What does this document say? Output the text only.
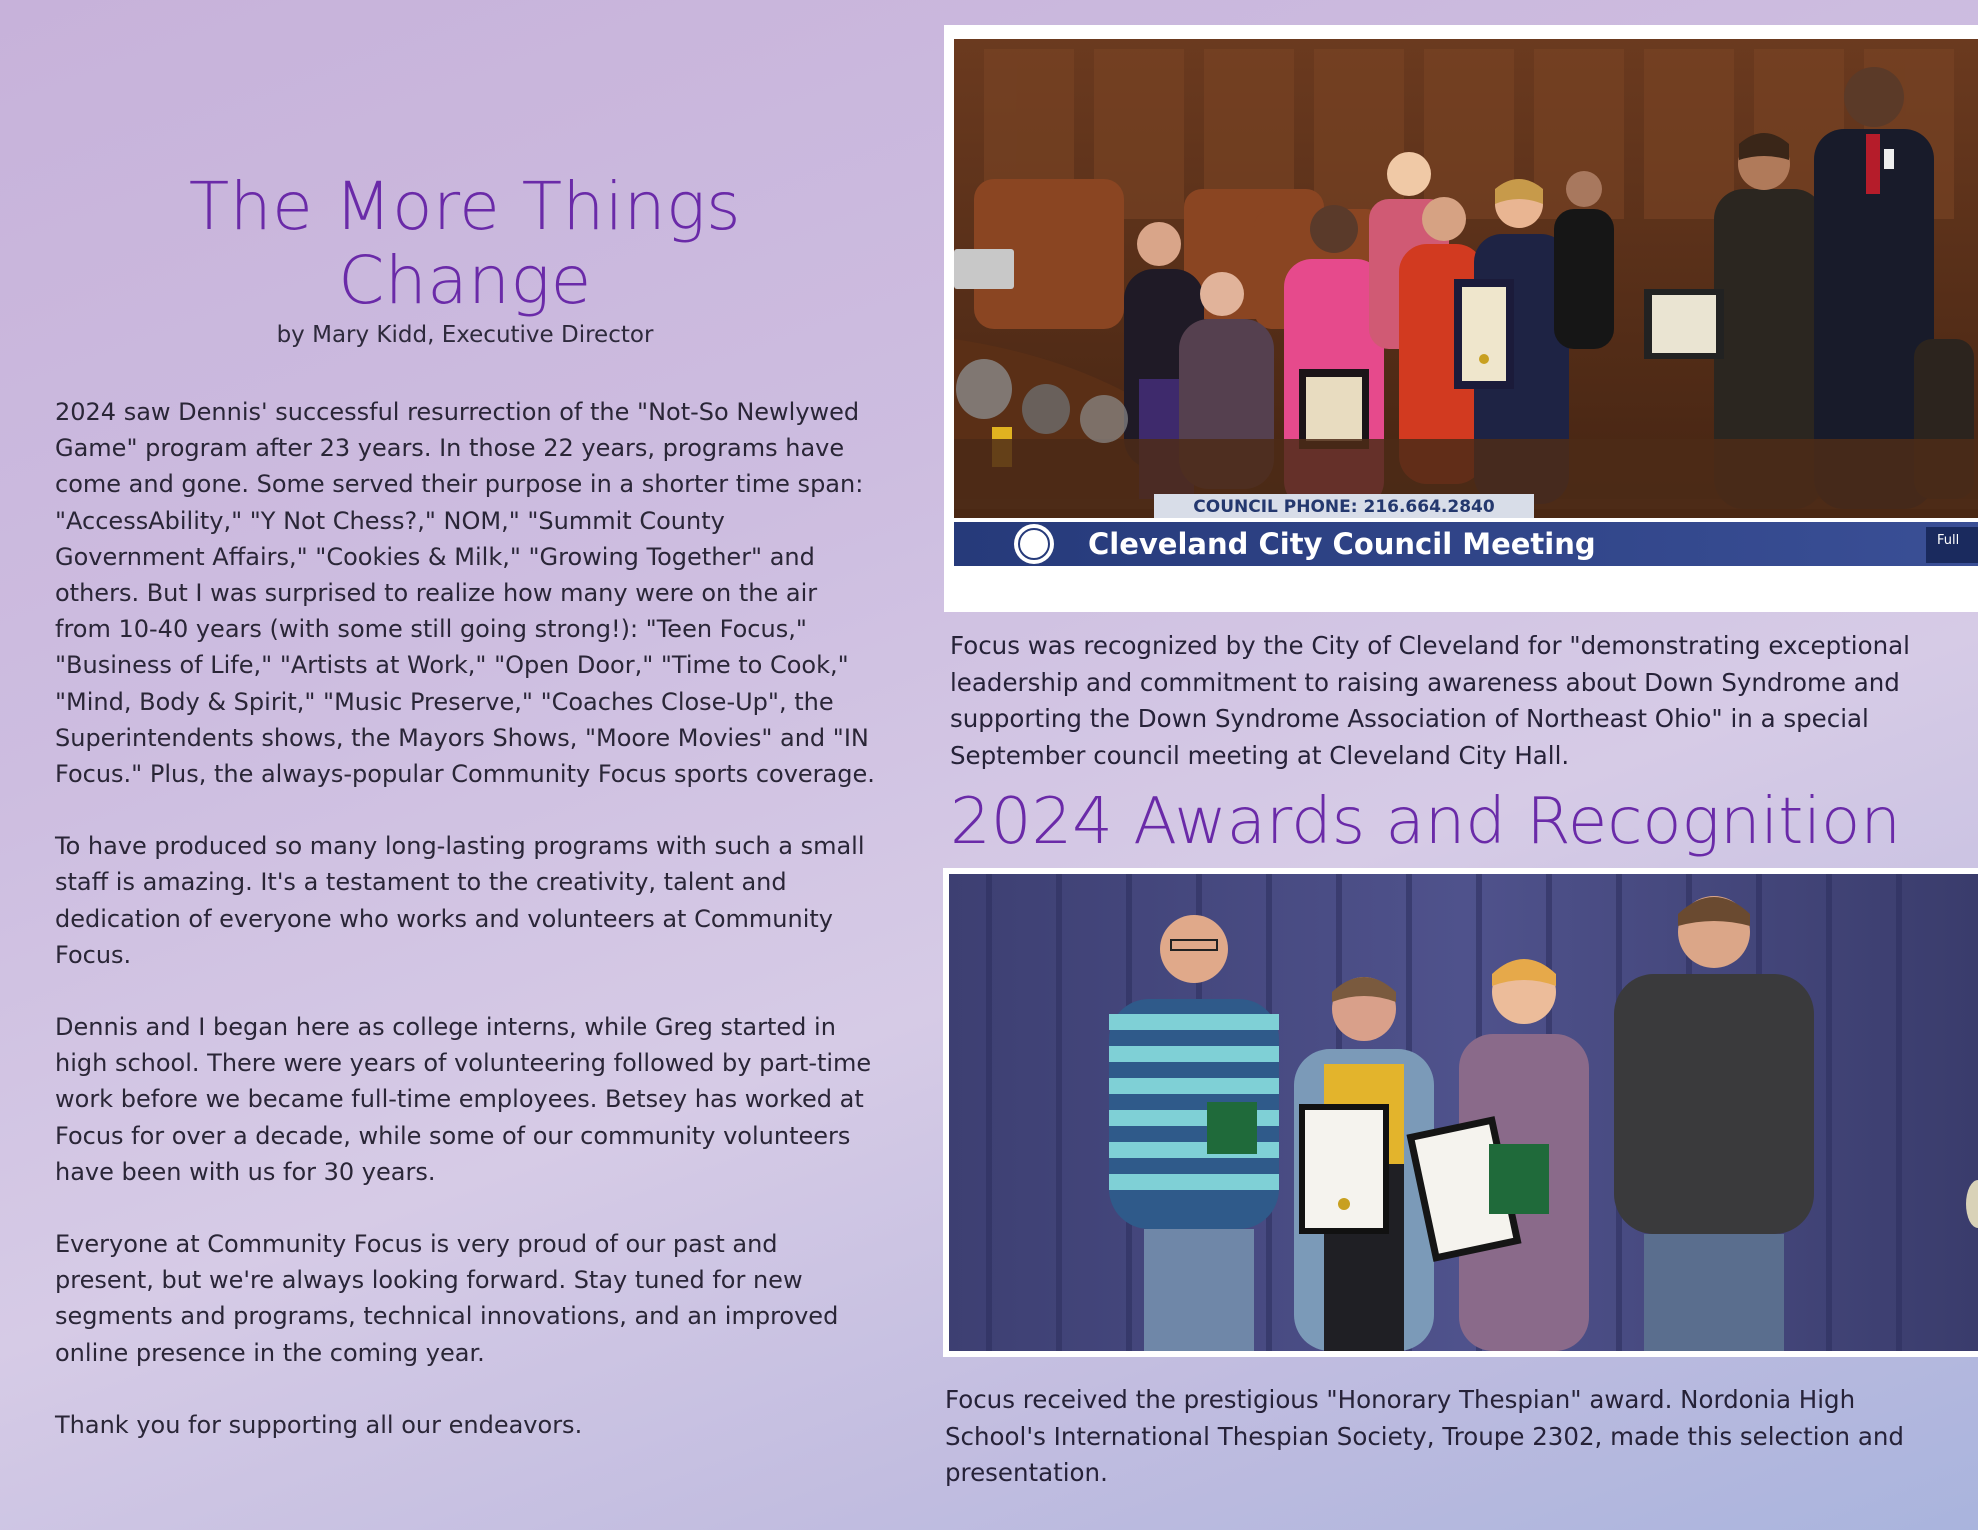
The More Things Change
by Mary Kidd, Executive Director

2024 saw Dennis' successful resurrection of the "Not-So Newlywed Game" program after 23 years. In those 22 years, programs have come and gone. Some served their purpose in a shorter time span: "AccessAbility," "Y Not Chess?," NOM," "Summit County Government Affairs," "Cookies & Milk," "Growing Together" and others. But I was surprised to realize how many were on the air from 10-40 years (with some still going strong!): "Teen Focus," "Business of Life," "Artists at Work," "Open Door," "Time to Cook," "Mind, Body & Spirit," "Music Preserve," "Coaches Close-Up", the Superintendents shows, the Mayors Shows, "Moore Movies" and "IN Focus." Plus, the always-popular Community Focus sports coverage.

To have produced so many long-lasting programs with such a small staff is amazing. It's a testament to the creativity, talent and dedication of everyone who works and volunteers at Community Focus.

Dennis and I began here as college interns, while Greg started in high school. There were years of volunteering followed by part-time work before we became full-time employees. Betsey has worked at Focus for over a decade, while some of our community volunteers have been with us for 30 years.

Everyone at Community Focus is very proud of our past and present, but we're always looking forward. Stay tuned for new segments and programs, technical innovations, and an improved online presence in the coming year.

Thank you for supporting all our endeavors.

COUNCIL PHONE: 216.664.2840
Cleveland City Council Meeting	Full
Focus was recognized by the City of Cleveland for "demonstrating exceptional leadership and commitment to raising awareness about Down Syndrome and supporting the Down Syndrome Association of Northeast Ohio" in a special September council meeting at Cleveland City Hall.
2024 Awards and Recognition
Focus received the prestigious "Honorary Thespian" award. Nordonia High School's International Thespian Society, Troupe 2302, made this selection and presentation.
